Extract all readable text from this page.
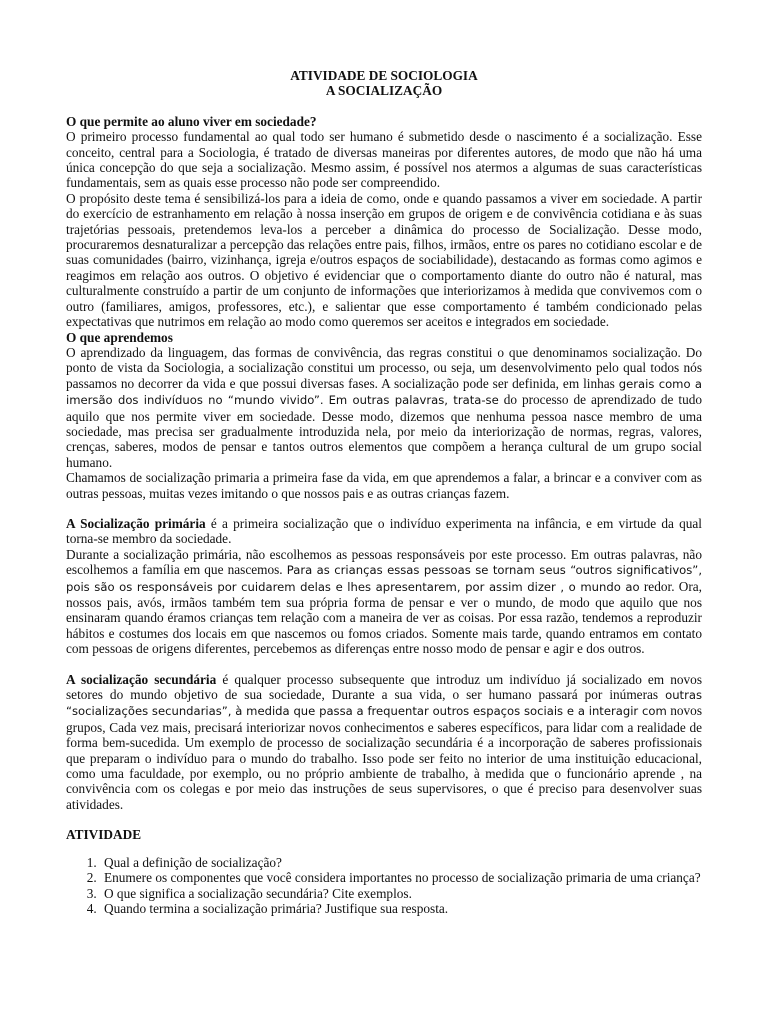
ATIVIDADE DE SOCIOLOGIA
A SOCIALIZAÇÃO
O que permite ao aluno viver em sociedade?

O primeiro processo fundamental ao qual todo ser humano é submetido desde o nascimento é a socialização. Esse conceito, central para a Sociologia, é tratado de diversas maneiras por diferentes autores, de modo que não há uma única concepção do que seja a socialização. Mesmo assim, é possível nos atermos a algumas de suas características fundamentais, sem as quais esse processo não pode ser compreendido.

O propósito deste tema é sensibilizá-los para a ideia de como, onde e quando passamos a viver em sociedade. A partir do exercício de estranhamento em relação à nossa inserção em grupos de origem e de convivência cotidiana e às suas trajetórias pessoais, pretendemos leva-los a perceber a dinâmica do processo de Socialização. Desse modo, procuraremos desnaturalizar a percepção das relações entre pais, filhos, irmãos, entre os pares no cotidiano escolar e de suas comunidades (bairro, vizinhança, igreja e/outros espaços de sociabilidade), destacando as formas como agimos e reagimos em relação aos outros. O objetivo é evidenciar que o comportamento diante do outro não é natural, mas culturalmente construído a partir de um conjunto de informações que interiorizamos à medida que convivemos com o outro (familiares, amigos, professores, etc.), e salientar que esse comportamento é também condicionado pelas expectativas que nutrimos em relação ao modo como queremos ser aceitos e integrados em sociedade.

O que aprendemos

O aprendizado da linguagem, das formas de convivência, das regras constitui o que denominamos socialização. Do ponto de vista da Sociologia, a socialização constitui um processo, ou seja, um desenvolvimento pelo qual todos nós passamos no decorrer da vida e que possui diversas fases. A socialização pode ser definida, em linhas gerais como a imersão dos indivíduos no “mundo vivido”. Em outras palavras, trata-se do processo de aprendizado de tudo aquilo que nos permite viver em sociedade. Desse modo, dizemos que nenhuma pessoa nasce membro de uma sociedade, mas precisa ser gradualmente introduzida nela, por meio da interiorização de normas, regras, valores, crenças, saberes, modos de pensar e tantos outros elementos que compõem a herança cultural de um grupo social humano.

Chamamos de socialização primaria a primeira fase da vida, em que aprendemos a falar, a brincar e a conviver com as outras pessoas, muitas vezes imitando o que nossos pais e as outras crianças fazem.

A Socialização primária é a primeira socialização que o indivíduo experimenta na infância, e em virtude da qual torna-se membro da sociedade.

Durante a socialização primária, não escolhemos as pessoas responsáveis por este processo. Em outras palavras, não escolhemos a família em que nascemos. Para as crianças essas pessoas se tornam seus “outros significativos”, pois são os responsáveis por cuidarem delas e lhes apresentarem, por assim dizer , o mundo ao redor. Ora, nossos pais, avós, irmãos também tem sua própria forma de pensar e ver o mundo, de modo que aquilo que nos ensinaram quando éramos crianças tem relação com a maneira de ver as coisas. Por essa razão, tendemos a reproduzir hábitos e costumes dos locais em que nascemos ou fomos criados. Somente mais tarde, quando entramos em contato com pessoas de origens diferentes, percebemos as diferenças entre nosso modo de pensar e agir e dos outros.

A socialização secundária é qualquer processo subsequente que introduz um indivíduo já socializado em novos setores do mundo objetivo de sua sociedade, Durante a sua vida, o ser humano passará por inúmeras outras “socializações secundarias”, à medida que passa a frequentar outros espaços sociais e a interagir com novos grupos, Cada vez mais, precisará interiorizar novos conhecimentos e saberes específicos, para lidar com a realidade de forma bem-sucedida. Um exemplo de processo de socialização secundária é a incorporação de saberes profissionais que preparam o indivíduo para o mundo do trabalho. Isso pode ser feito no interior de uma instituição educacional, como uma faculdade, por exemplo, ou no próprio ambiente de trabalho, à medida que o funcionário aprende , na convivência com os colegas e por meio das instruções de seus supervisores, o que é preciso para desenvolver suas atividades.

ATIVIDADE
1. Qual a definição de socialização?
2. Enumere os componentes que você considera importantes no processo de socialização primaria de uma criança?
3. O que significa a socialização secundária? Cite exemplos.
4. Quando termina a socialização primária? Justifique sua resposta.
